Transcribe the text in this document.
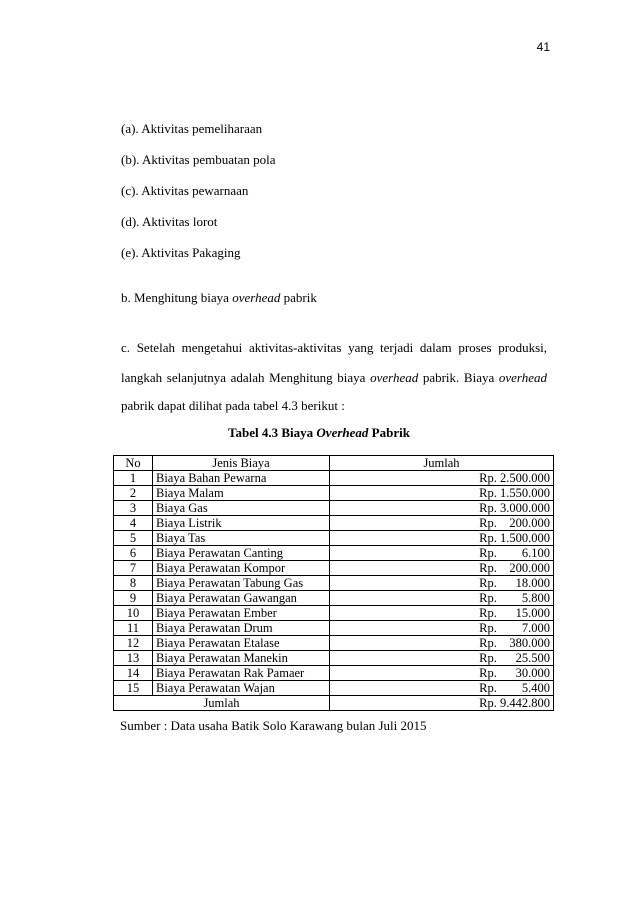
41
(a). Aktivitas pemeliharaan
(b). Aktivitas pembuatan pola
(c). Aktivitas pewarnaan
(d). Aktivitas lorot
(e). Aktivitas Pakaging
b. Menghitung biaya overhead pabrik
c. Setelah mengetahui aktivitas-aktivitas yang terjadi dalam proses produksi,
langkah selanjutnya adalah Menghitung biaya overhead pabrik. Biaya overhead
pabrik dapat dilihat pada tabel 4.3 berikut :
Tabel 4.3 Biaya Overhead Pabrik
No	Jenis Biaya	Jumlah
1	Biaya Bahan Pewarna	Rp. 2.500.000
2	Biaya Malam	Rp. 1.550.000
3	Biaya Gas	Rp. 3.000.000
4	Biaya Listrik	Rp.    200.000
5	Biaya Tas	Rp. 1.500.000
6	Biaya Perawatan Canting	Rp.        6.100
7	Biaya Perawatan Kompor	Rp.    200.000
8	Biaya Perawatan Tabung Gas	Rp.      18.000
9	Biaya Perawatan Gawangan	Rp.        5.800
10	Biaya Perawatan Ember	Rp.      15.000
11	Biaya Perawatan Drum	Rp.        7.000
12	Biaya Perawatan Etalase	Rp.    380.000
13	Biaya Perawatan Manekin	Rp.      25.500
14	Biaya Perawatan Rak Pamaer	Rp.      30.000
15	Biaya Perawatan Wajan	Rp.        5.400
Jumlah		Rp. 9.442.800
Sumber : Data usaha Batik Solo Karawang bulan Juli 2015
